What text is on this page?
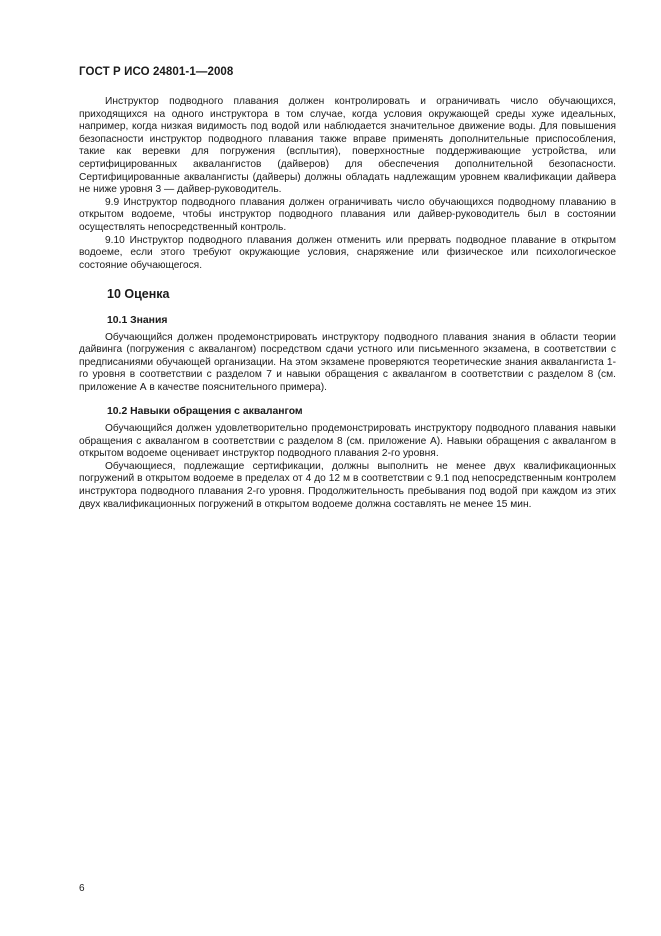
ГОСТ Р ИСО 24801-1—2008

Инструктор подводного плавания должен контролировать и ограничивать число обучающихся, приходящихся на одного инструктора в том случае, когда условия окружающей среды хуже идеальных, например, когда низкая видимость под водой или наблюдается значительное движение воды. Для повышения безопасности инструктор подводного плавания также вправе применять дополнительные приспособления, такие как веревки для погружения (всплытия), поверхностные поддерживающие устройства, или сертифицированных аквалангистов (дайверов) для обеспечения дополнительной безопасности. Сертифицированные аквалангисты (дайверы) должны обладать надлежащим уровнем квалификации дайвера не ниже уровня 3 — дайвер-руководитель.

9.9 Инструктор подводного плавания должен ограничивать число обучающихся подводному плаванию в открытом водоеме, чтобы инструктор подводного плавания или дайвер-руководитель был в состоянии осуществлять непосредственный контроль.

9.10 Инструктор подводного плавания должен отменить или прервать подводное плавание в открытом водоеме, если этого требуют окружающие условия, снаряжение или физическое или психологическое состояние обучающегося.

10 Оценка
10.1 Знания

Обучающийся должен продемонстрировать инструктору подводного плавания знания в области теории дайвинга (погружения с аквалангом) посредством сдачи устного или письменного экзамена, в соответствии с предписаниями обучающей организации. На этом экзамене проверяются теоретические знания аквалангиста 1-го уровня в соответствии с разделом 7 и навыки обращения с аквалангом в соответствии с разделом 8 (см. приложение А в качестве пояснительного примера).

10.2 Навыки обращения с аквалангом

Обучающийся должен удовлетворительно продемонстрировать инструктору подводного плавания навыки обращения с аквалангом в соответствии с разделом 8 (см. приложение А). Навыки обращения с аквалангом в открытом водоеме оценивает инструктор подводного плавания 2-го уровня.

Обучающиеся, подлежащие сертификации, должны выполнить не менее двух квалификационных погружений в открытом водоеме в пределах от 4 до 12 м в соответствии с 9.1 под непосредственным контролем инструктора подводного плавания 2-го уровня. Продолжительность пребывания под водой при каждом из этих двух квалификационных погружений в открытом водоеме должна составлять не менее 15 мин.

6
